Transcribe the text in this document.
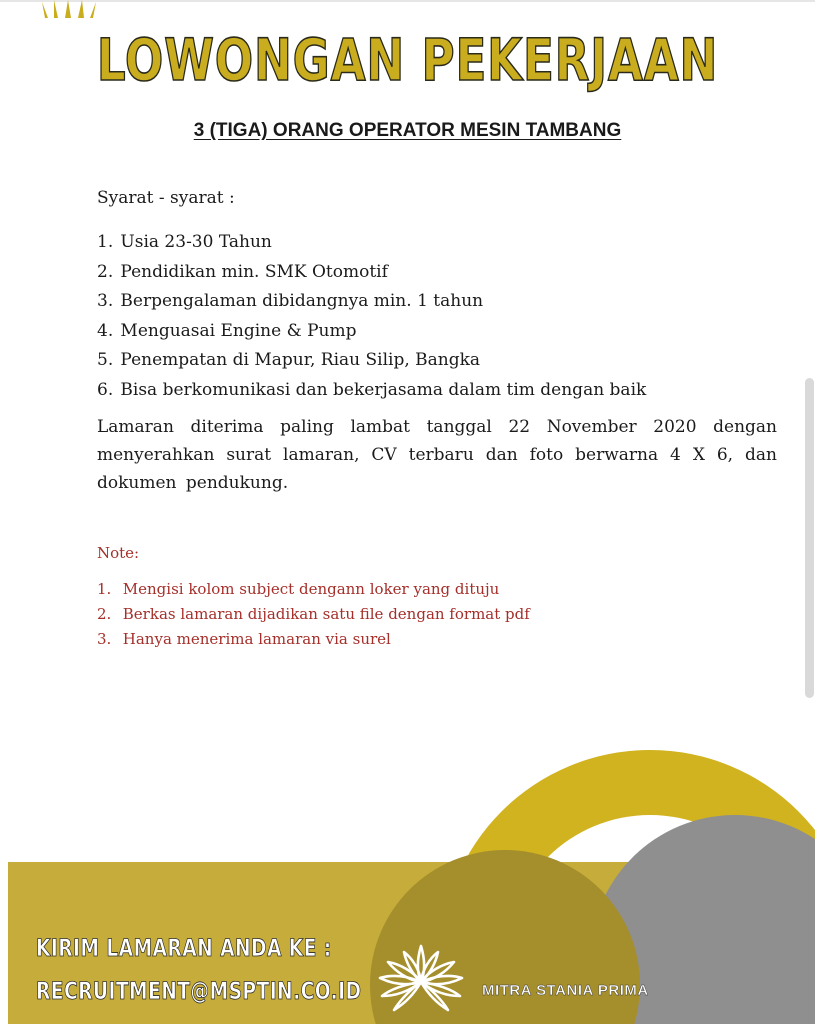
LOWONGAN PEKERJAAN
3 (TIGA) ORANG OPERATOR MESIN TAMBANG
Syarat - syarat :
1. Usia 23-30 Tahun
2. Pendidikan min. SMK Otomotif
3. Berpengalaman dibidangnya min. 1 tahun
4. Menguasai Engine & Pump
5. Penempatan di Mapur, Riau Silip, Bangka
6. Bisa berkomunikasi dan bekerjasama dalam tim dengan baik

Lamaran diterima paling lambat tanggal 22 November 2020 dengan menyerahkan surat lamaran, CV terbaru dan foto berwarna 4 X 6, dan dokumen pendukung.

Note:
1. Mengisi kolom subject dengann loker yang dituju
2. Berkas lamaran dijadikan satu file dengan format pdf
3. Hanya menerima lamaran via surel
KIRIM LAMARAN ANDA KE :
RECRUITMENT@MSPTIN.CO.ID	MITRA STANIA PRIMA
